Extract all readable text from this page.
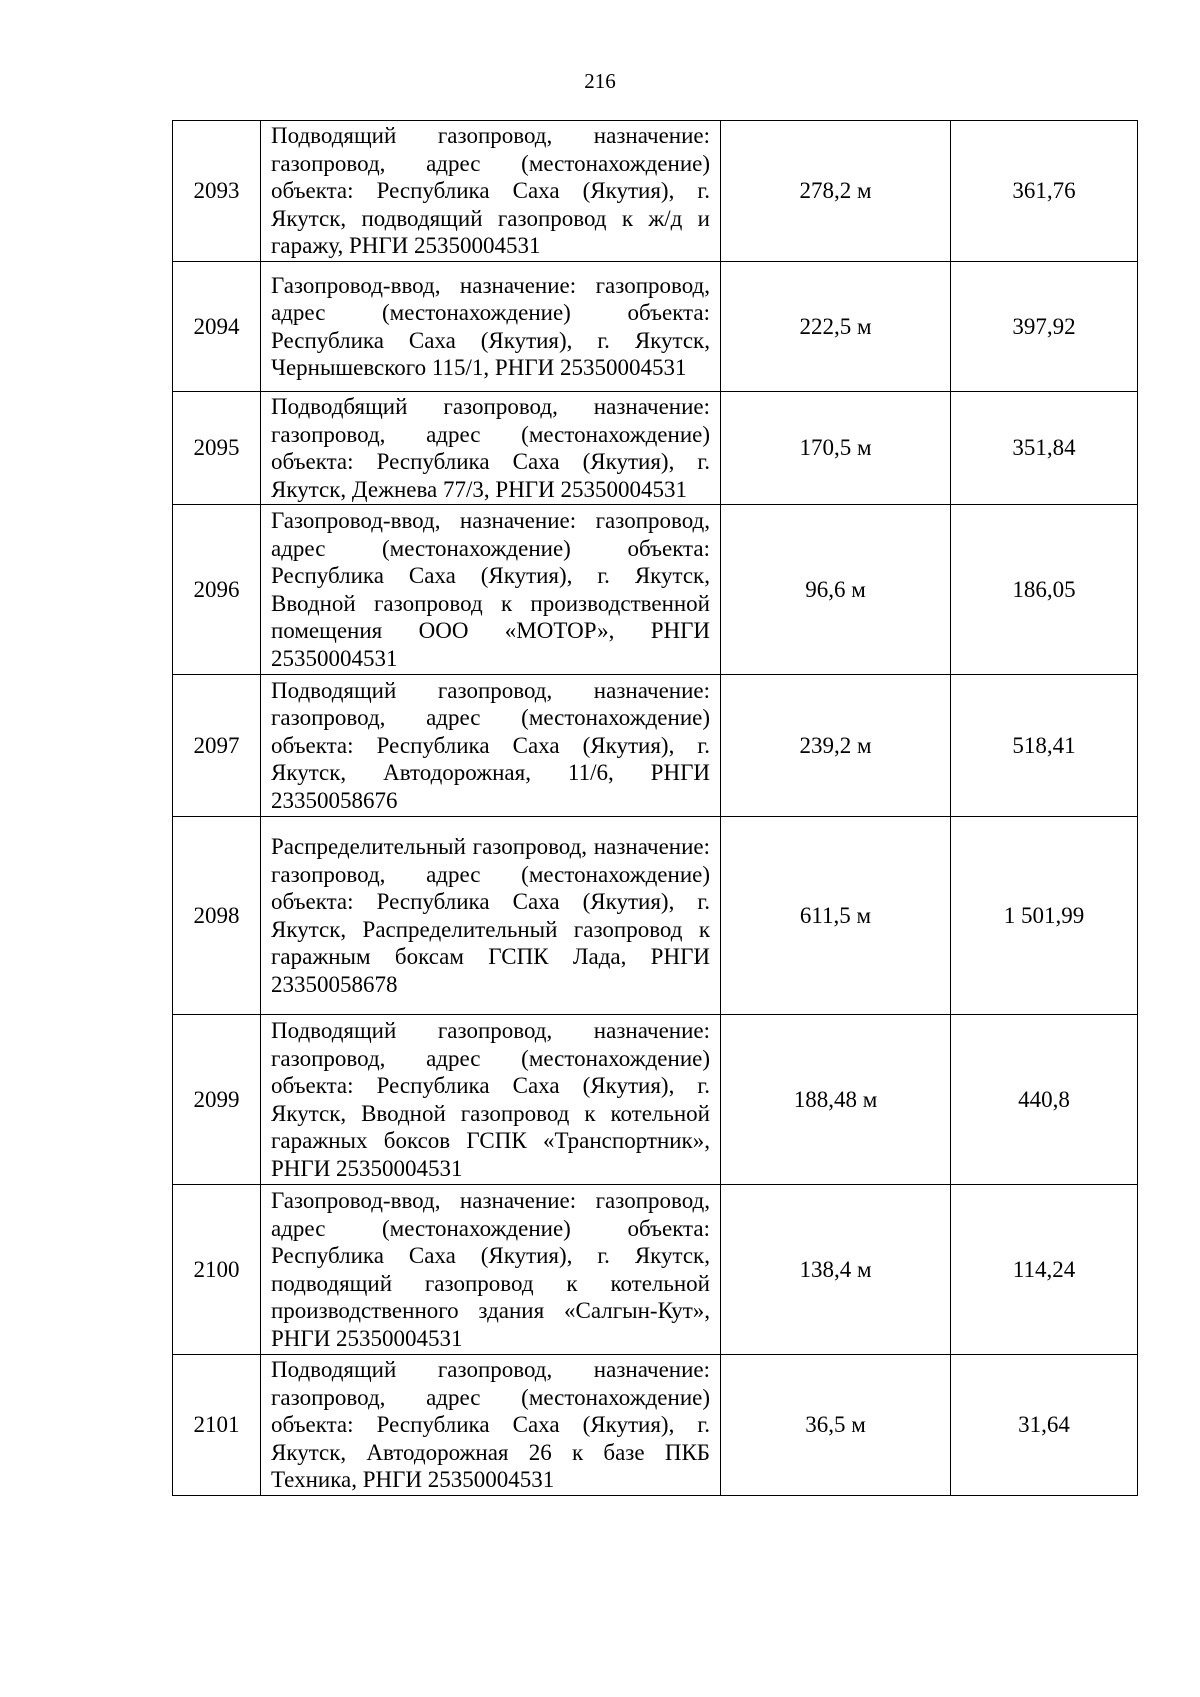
216
2093	Подводящий газопровод, назначение: газопровод, адрес (местонахождение) объекта: Республика Саха (Якутия), г. Якутск, подводящий газопровод к ж/д и гаражу, РНГИ 25350004531	278,2 м	361,76
2094	Газопровод-ввод, назначение: газопровод, адрес (местонахождение) объекта: Республика Саха (Якутия), г. Якутск, Чернышевского 115/1, РНГИ 25350004531	222,5 м	397,92
2095	Подводбящий газопровод, назначение: газопровод, адрес (местонахождение) объекта: Республика Саха (Якутия), г. Якутск, Дежнева 77/3, РНГИ 25350004531	170,5 м	351,84
2096	Газопровод-ввод, назначение: газопровод, адрес (местонахождение) объекта: Республика Саха (Якутия), г. Якутск, Вводной газопровод к производственной помещения ООО «МОТОР», РНГИ 25350004531	96,6 м	186,05
2097	Подводящий газопровод, назначение: газопровод, адрес (местонахождение) объекта: Республика Саха (Якутия), г. Якутск, Автодорожная, 11/6, РНГИ 23350058676	239,2 м	518,41
2098	Распределительный газопровод, назначение: газопровод, адрес (местонахождение) объекта: Республика Саха (Якутия), г. Якутск, Распределительный газопровод к гаражным боксам ГСПК Лада, РНГИ 23350058678	611,5 м	1 501,99
2099	Подводящий газопровод, назначение: газопровод, адрес (местонахождение) объекта: Республика Саха (Якутия), г. Якутск, Вводной газопровод к котельной гаражных боксов ГСПК «Транспортник», РНГИ 25350004531	188,48 м	440,8
2100	Газопровод-ввод, назначение: газопровод, адрес (местонахождение) объекта: Республика Саха (Якутия), г. Якутск, подводящий газопровод к котельной производственного здания «Салгын-Кут», РНГИ 25350004531	138,4 м	114,24
2101	Подводящий газопровод, назначение: газопровод, адрес (местонахождение) объекта: Республика Саха (Якутия), г. Якутск, Автодорожная 26 к базе ПКБ Техника, РНГИ 25350004531	36,5 м	31,64
